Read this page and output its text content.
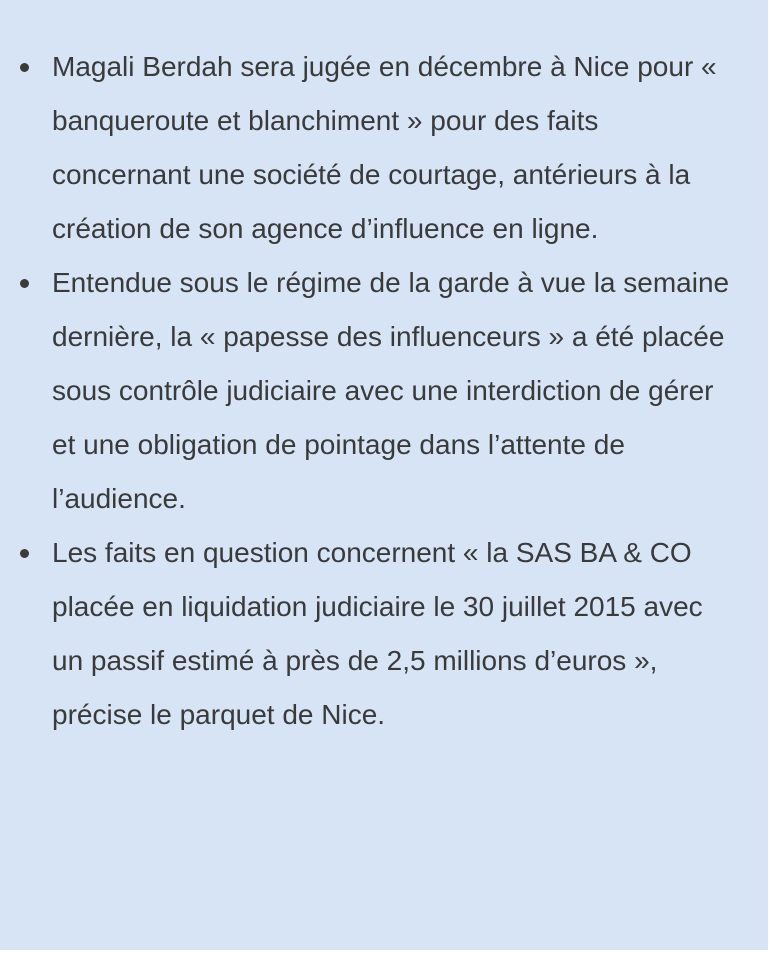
Magali Berdah sera jugée en décembre à Nice pour « banqueroute et blanchiment » pour des faits concernant une société de courtage, antérieurs à la création de son agence d’influence en ligne.
Entendue sous le régime de la garde à vue la semaine dernière, la « papesse des influenceurs » a été placée sous contrôle judiciaire avec une interdiction de gérer et une obligation de pointage dans l’attente de l’audience.
Les faits en question concernent « la SAS BA & CO placée en liquidation judiciaire le 30 juillet 2015 avec un passif estimé à près de 2,5 millions d’euros », précise le parquet de Nice.
